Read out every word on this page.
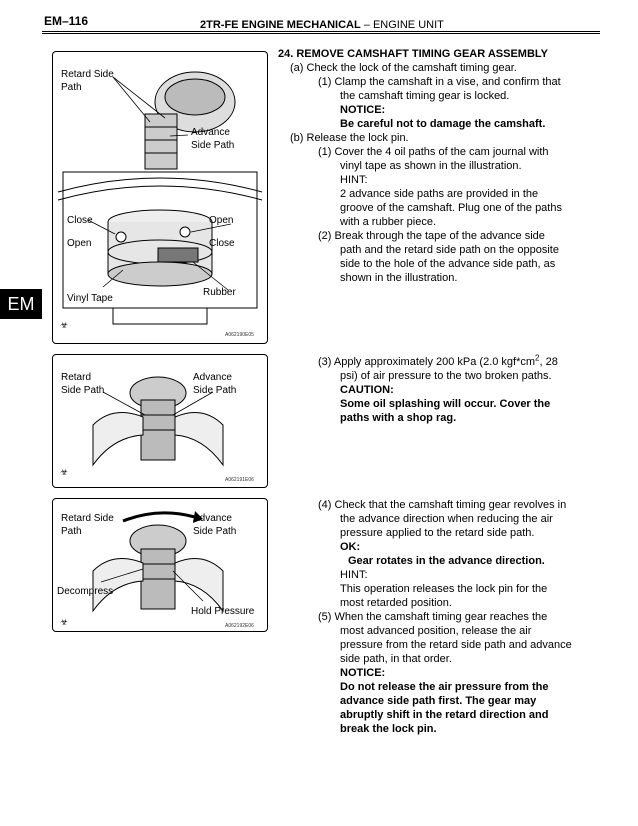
EM–116	2TR-FE ENGINE MECHANICAL – ENGINE UNIT
EM
Retard Side
Path
Advance
Side Path
Close
Open
Open
Close
Vinyl Tape
Rubber
☣
A062190E05
Retard
Side Path
Advance
Side Path
☣
A062191E06
Retard Side
Path
Advance
Side Path
Decompress
Hold Pressure
☣	A062192E06
24. REMOVE CAMSHAFT TIMING GEAR ASSEMBLY
(a) Check the lock of the camshaft timing gear.
(1) Clamp the camshaft in a vise, and confirm that
the camshaft timing gear is locked.
NOTICE:
Be careful not to damage the camshaft.
(b) Release the lock pin.
(1) Cover the 4 oil paths of the cam journal with
vinyl tape as shown in the illustration.
HINT:
2 advance side paths are provided in the
groove of the camshaft. Plug one of the paths
with a rubber piece.
(2) Break through the tape of the advance side
path and the retard side path on the opposite
side to the hole of the advance side path, as
shown in the illustration.
(3) Apply approximately 200 kPa (2.0 $kgf*cm^2$, 28
psi) of air pressure to the two broken paths.
CAUTION:
Some oil splashing will occur. Cover the
paths with a shop rag.
(4) Check that the camshaft timing gear revolves in
the advance direction when reducing the air
pressure applied to the retard side path.
OK:
Gear rotates in the advance direction.
HINT:
This operation releases the lock pin for the
most retarded position.
(5) When the camshaft timing gear reaches the
most advanced position, release the air
pressure from the retard side path and advance
side path, in that order.
NOTICE:
Do not release the air pressure from the
advance side path first. The gear may
abruptly shift in the retard direction and
break the lock pin.
